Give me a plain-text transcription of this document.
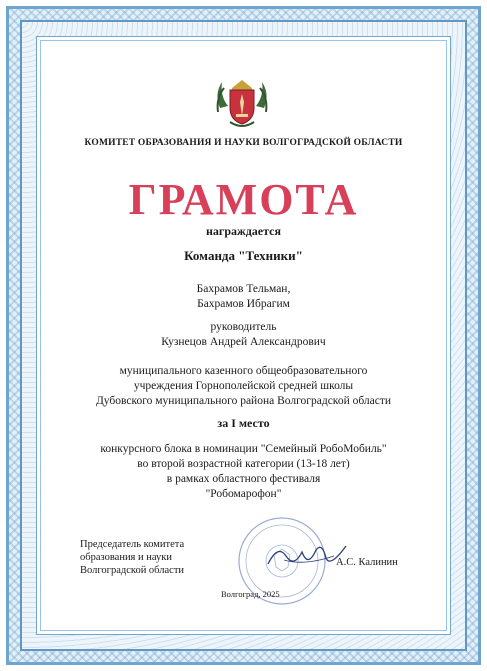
КОМИТЕТ ОБРАЗОВАНИЯ И НАУКИ ВОЛГОГРАДСКОЙ ОБЛАСТИ
ГРАМОТА
награждается
Команда "Техники"
Бахрамов Тельман,
Бахрамов Ибрагим
руководитель
Кузнецов Андрей Александрович
муниципального казенного общеобразовательного
учреждения Горнополейской средней школы
Дубовского муниципального района Волгоградской области
за I место
конкурсного блока в номинации "Семейный РобоМобиль"
во второй возрастной категории (13-18 лет)
в рамках областного фестиваля
"Робомарофон"
Председатель комитета
образования и науки
Волгоградской области
А.С. Калинин
Волгоград, 2025
